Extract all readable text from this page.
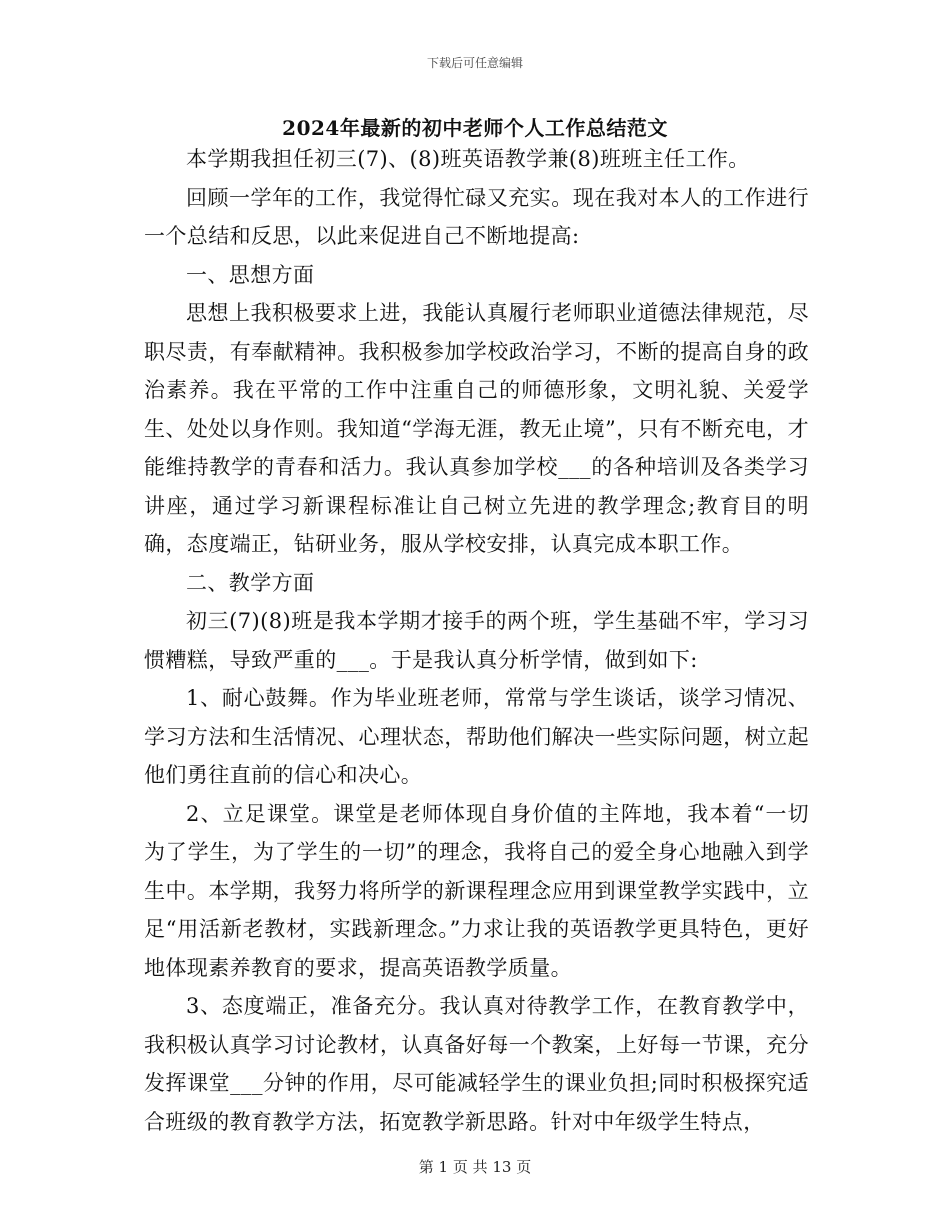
下载后可任意编辑
2024年最新的初中老师个人工作总结范文

本学期我担任初三(7)、(8)班英语教学兼(8)班班主任工作。

回顾一学年的工作，我觉得忙碌又充实。现在我对本人的工作进行一个总结和反思，以此来促进自己不断地提高:

一、思想方面

思想上我积极要求上进，我能认真履行老师职业道德法律规范，尽职尽责，有奉献精神。我积极参加学校政治学习，不断的提高自身的政治素养。我在平常的工作中注重自己的师德形象，文明礼貌、关爱学生、处处以身作则。我知道“学海无涯，教无止境”，只有不断充电，才能维持教学的青春和活力。我认真参加学校___的各种培训及各类学习讲座，通过学习新课程标准让自己树立先进的教学理念;教育目的明确，态度端正，钻研业务，服从学校安排，认真完成本职工作。

二、教学方面

初三(7)(8)班是我本学期才接手的两个班，学生基础不牢，学习习惯糟糕，导致严重的___。于是我认真分析学情，做到如下:

1、耐心鼓舞。作为毕业班老师，常常与学生谈话，谈学习情况、学习方法和生活情况、心理状态，帮助他们解决一些实际问题，树立起他们勇往直前的信心和决心。

2、立足课堂。课堂是老师体现自身价值的主阵地，我本着“一切为了学生，为了学生的一切”的理念，我将自己的爱全身心地融入到学生中。本学期，我努力将所学的新课程理念应用到课堂教学实践中，立足“用活新老教材，实践新理念。”力求让我的英语教学更具特色，更好地体现素养教育的要求，提高英语教学质量。

3、态度端正，准备充分。我认真对待教学工作，在教育教学中，我积极认真学习讨论教材，认真备好每一个教案，上好每一节课，充分发挥课堂___分钟的作用，尽可能减轻学生的课业负担;同时积极探究适合班级的教育教学方法，拓宽教学新思路。针对中年级学生特点，

第 1 页 共 13 页
